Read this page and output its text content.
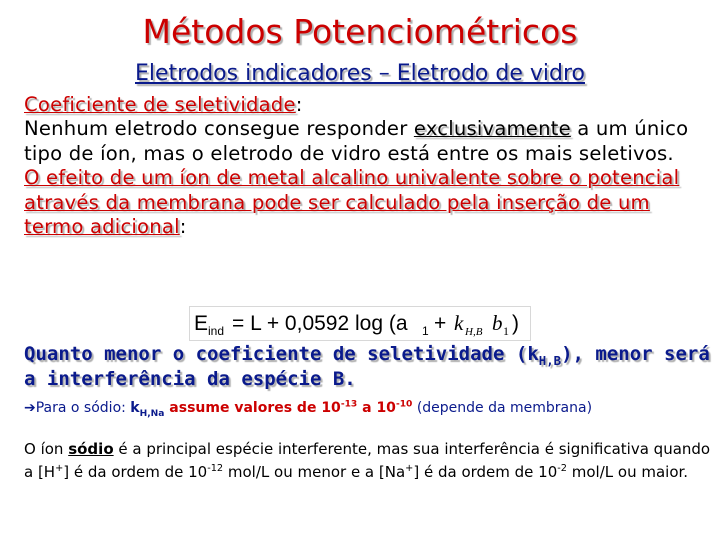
Métodos Potenciométricos
Eletrodos indicadores – Eletrodo de vidro

Coeficiente de seletividade:
Nenhum eletrodo consegue responder exclusivamente a um único tipo de íon, mas o eletrodo de vidro está entre os mais seletivos.

O efeito de um íon de metal alcalino univalente sobre o potencial através da membrana pode ser calculado pela inserção de um termo adicional:

E ind = L + 0,0592 log (a 1 + k H,B b 1 )
Quanto menor o coeficiente de seletividade $(k_{H,B})$, menor será a interferência da espécie B.
➔Para o sódio: $k_{H,Na}$ assume valores de $10^{-13}$ a $10^{-10}$ (depende da membrana)
O íon sódio é a principal espécie interferente, mas sua interferência é significativa quando a [H+] é da ordem de $10^{-12}$ mol/L ou menor e a [Na+] é da ordem de $10^{-2}$ mol/L ou maior.
